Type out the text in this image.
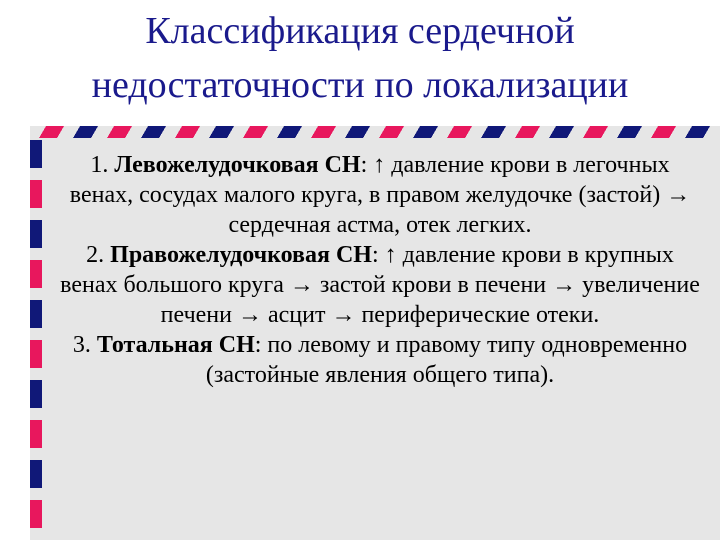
Классификация сердечной
недостаточности по локализации

1. Левожелудочковая СН: ↑ давление крови в легочных венах, сосудах малого круга, в правом желудочке (застой) → сердечная астма, отек легких.

2. Правожелудочковая СН: ↑ давление крови в крупных венах большого круга → застой крови в печени → увеличение печени → асцит → периферические отеки.

3. Тотальная СН: по левому и правому типу одновременно (застойные явления общего типа).
